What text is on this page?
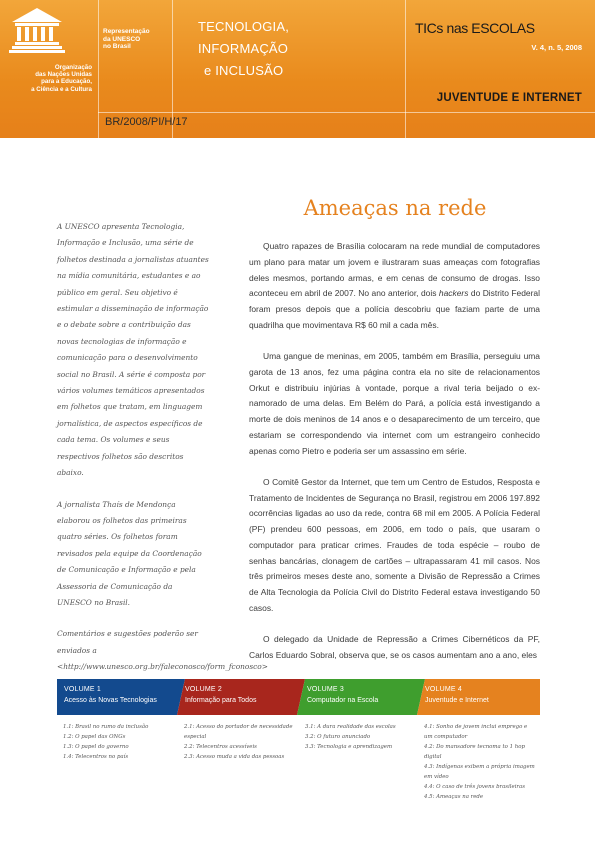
Organização
das Nações Unidas
para a Educação,
a Ciência e a Cultura
Representação
da UNESCO
no Brasil
TECNOLOGIA,
INFORMAÇÃO
e INCLUSÃO
TICs nas ESCOLAS
V. 4, n. 5, 2008
JUVENTUDE E INTERNET
BR/2008/PI/H/17
Ameaças na rede

A UNESCO apresenta Tecnologia, Informação e Inclusão, uma série de folhetos destinada a jornalistas atuantes na mídia comunitária, estudantes e ao público em geral. Seu objetivo é estimular a disseminação de informação e o debate sobre a contribuição das novas tecnologias de informação e comunicação para o desenvolvimento social no Brasil. A série é composta por vários volumes temáticos apresentados em folhetos que tratam, em linguagem jornalística, de aspectos específicos de cada tema. Os volumes e seus respectivos folhetos são descritos abaixo.

A jornalista Thaís de Mendonça elaborou os folhetos das primeiras quatro séries. Os folhetos foram revisados pela equipe da Coordenação de Comunicação e Informação e pela Assessoria de Comunicação da UNESCO no Brasil.

Comentários e sugestões poderão ser enviados a <http://www.unesco.org.br/faleconosco/form_fconosco>

Quatro rapazes de Brasília colocaram na rede mundial de computadores um plano para matar um jovem e ilustraram suas ameaças com fotografias deles mesmos, portando armas, e em cenas de consumo de drogas. Isso aconteceu em abril de 2007. No ano anterior, dois hackers do Distrito Federal foram presos depois que a polícia descobriu que faziam parte de uma quadrilha que movimentava R$ 60 mil a cada mês.

Uma gangue de meninas, em 2005, também em Brasília, perseguiu uma garota de 13 anos, fez uma página contra ela no site de relacionamentos Orkut e distribuiu injúrias à vontade, porque a rival teria beijado o ex-namorado de uma delas. Em Belém do Pará, a polícia está investigando a morte de dois meninos de 14 anos e o desaparecimento de um terceiro, que estariam se correspondendo via internet com um estrangeiro conhecido apenas como Pietro e poderia ser um assassino em série.

O Comitê Gestor da Internet, que tem um Centro de Estudos, Resposta e Tratamento de Incidentes de Segurança no Brasil, registrou em 2006 197.892 ocorrências ligadas ao uso da rede, contra 68 mil em 2005. A Polícia Federal (PF) prendeu 600 pessoas, em 2006, em todo o país, que usaram o computador para praticar crimes. Fraudes de toda espécie – roubo de senhas bancárias, clonagem de cartões – ultrapassaram 41 mil casos. Nos três primeiros meses deste ano, somente a Divisão de Repressão a Crimes de Alta Tecnologia da Polícia Civil do Distrito Federal estava investigando 50 casos.

O delegado da Unidade de Repressão a Crimes Cibernéticos da PF, Carlos Eduardo Sobral, observa que, se os casos aumentam ano a ano, eles

VOLUME 1
Acesso às Novas Tecnologias
VOLUME 2
Informação para Todos
VOLUME 3
Computador na Escola
VOLUME 4
Juventude e Internet
1.1: Brasil no rumo da inclusão
1.2: O papel das ONGs
1.3: O papel do governo
1.4: Telecentros no país
2.1: Acesso do portador de necessidade especial
2.2: Telecentros acessíveis
2.3: Acesso muda a vida das pessoas
3.1: A dura realidade das escolas
3.2: O futuro anunciado
3.3: Tecnologia e aprendizagem
4.1: Sonho de jovem inclui emprego e um computador
4.2: Do mansadore tecnoma to 1 hop digital
4.3: Indígenas exibem a própria imagem em vídeo
4.4: O caso de três jovens brasileiras
4.5: Ameaças na rede
